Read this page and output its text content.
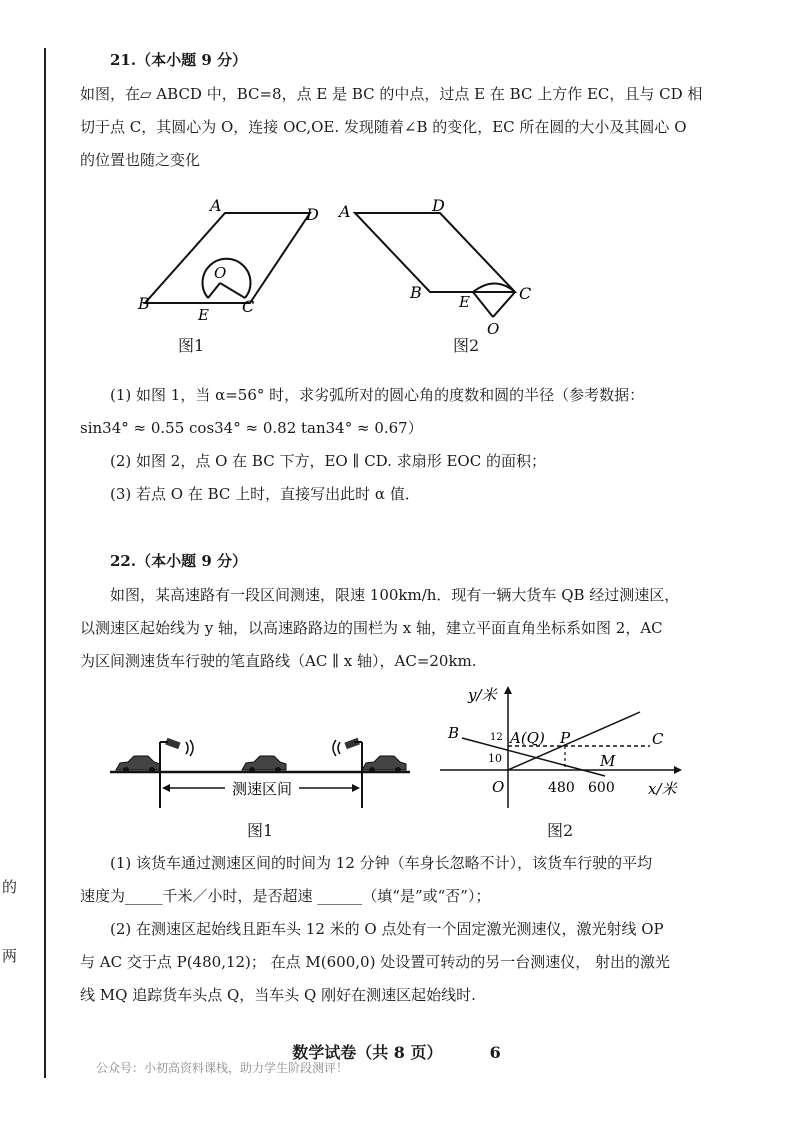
的
两
21.（本小题 9 分）
如图，在▱ ABCD 中，BC=8，点 E 是 BC 的中点，过点 E 在 BC 上方作 EC，且与 CD 相
切于点 C，其圆心为 O，连接 OC,OE. 发现随着∠B 的变化，EC 所在圆的大小及其圆心 O
的位置也随之变化
A	D
B	C
O
E
图1
A	D
B	C
E
O
图2
(1) 如图 1，当 α=56° 时，求劣弧所对的圆心角的度数和圆的半径（参考数据：
sin34° ≈ 0.55 cos34° ≈ 0.82 tan34° ≈ 0.67）
(2) 如图 2，点 O 在 BC 下方，EO ∥ CD. 求扇形 EOC 的面积；
(3) 若点 O 在 BC 上时，直接写出此时 α 值．
22.（本小题 9 分）
如图，某高速路有一段区间测速，限速 100km/h．现有一辆大货车 QB 经过测速区，
以测速区起始线为 y 轴，以高速路路边的围栏为 x 轴，建立平面直角坐标系如图 2，AC
为区间测速货车行驶的笔直路线（AC ∥ x 轴），AC=20km.
测速区间
图1
y/米
x/米
B	A(Q) P	C
M
O
12
10
480 600
图2
(1) 该货车通过测速区间的时间为 12 分钟（车身长忽略不计），该货车行驶的平均
速度为_____千米／小时，是否超速 ______（填“是”或“否”）；
(2) 在测速区起始线且距车头 12 米的 O 点处有一个固定激光测速仪，激光射线 OP
与 AC 交于点 P(480,12)； 在点 M(600,0) 处设置可转动的另一台测速仪， 射出的激光
线 MQ 追踪货车头点 Q，当车头 Q 刚好在测速区起始线时.
数学试卷（共 8 页）	6
公众号：小初高资料课栈，助力学生阶段测评！
